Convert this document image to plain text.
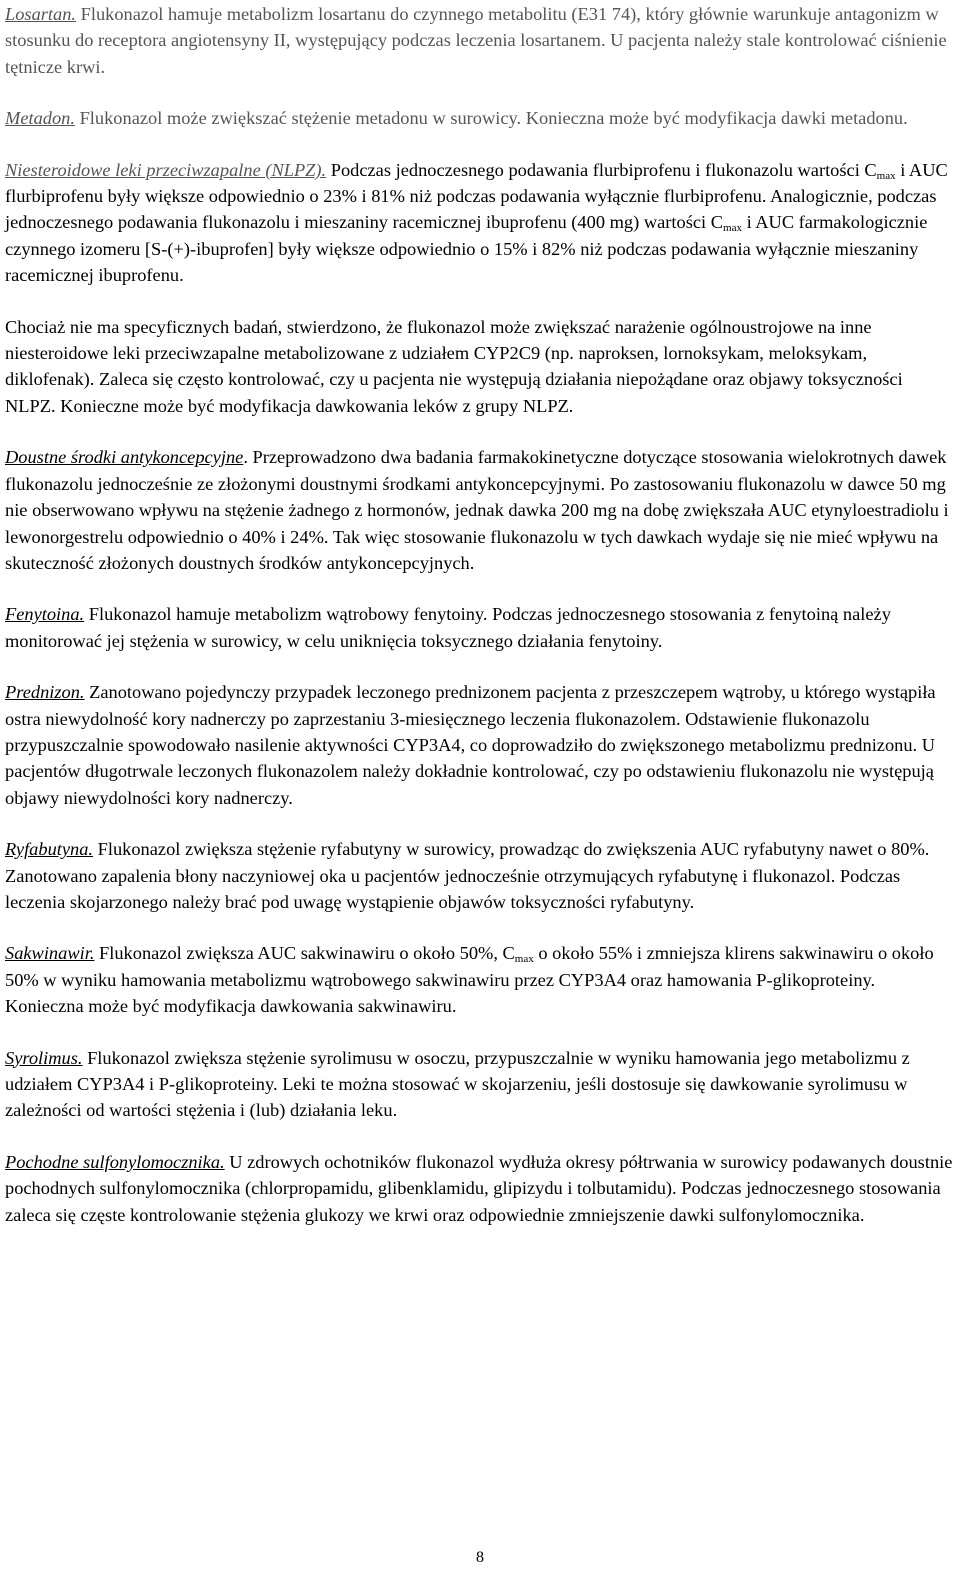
Losartan. Flukonazol hamuje metabolizm losartanu do czynnego metabolitu (E31 74), który głównie warunkuje antagonizm w stosunku do receptora angiotensyny II, występujący podczas leczenia losartanem. U pacjenta należy stale kontrolować ciśnienie tętnicze krwi.

Metadon. Flukonazol może zwiększać stężenie metadonu w surowicy. Konieczna może być modyfikacja dawki metadonu.

Niesteroidowe leki przeciwzapalne (NLPZ). Podczas jednoczesnego podawania flurbiprofenu i flukonazolu wartości $C_{max}$ i AUC flurbiprofenu były większe odpowiednio o 23% i 81% niż podczas podawania wyłącznie flurbiprofenu. Analogicznie, podczas jednoczesnego podawania flukonazolu i mieszaniny racemicznej ibuprofenu (400 mg) wartości $C_{max}$ i AUC farmakologicznie czynnego izomeru [S-(+)-ibuprofen] były większe odpowiednio o 15% i 82% niż podczas podawania wyłącznie mieszaniny racemicznej ibuprofenu.

Chociaż nie ma specyficznych badań, stwierdzono, że flukonazol może zwiększać narażenie ogólnoustrojowe na inne niesteroidowe leki przeciwzapalne metabolizowane z udziałem CYP2C9 (np. naproksen, lornoksykam, meloksykam, diklofenak). Zaleca się często kontrolować, czy u pacjenta nie występują działania niepożądane oraz objawy toksyczności NLPZ. Konieczne może być modyfikacja dawkowania leków z grupy NLPZ.

Doustne środki antykoncepcyjne. Przeprowadzono dwa badania farmakokinetyczne dotyczące stosowania wielokrotnych dawek flukonazolu jednocześnie ze złożonymi doustnymi środkami antykoncepcyjnymi. Po zastosowaniu flukonazolu w dawce 50 mg nie obserwowano wpływu na stężenie żadnego z hormonów, jednak dawka 200 mg na dobę zwiększała AUC etynyloestradiolu i lewonorgestrelu odpowiednio o 40% i 24%. Tak więc stosowanie flukonazolu w tych dawkach wydaje się nie mieć wpływu na skuteczność złożonych doustnych środków antykoncepcyjnych.

Fenytoina. Flukonazol hamuje metabolizm wątrobowy fenytoiny. Podczas jednoczesnego stosowania z fenytoiną należy monitorować jej stężenia w surowicy, w celu uniknięcia toksycznego działania fenytoiny.

Prednizon. Zanotowano pojedynczy przypadek leczonego prednizonem pacjenta z przeszczepem wątroby, u którego wystąpiła ostra niewydolność kory nadnerczy po zaprzestaniu 3-miesięcznego leczenia flukonazolem. Odstawienie flukonazolu przypuszczalnie spowodowało nasilenie aktywności CYP3A4, co doprowadziło do zwiększonego metabolizmu prednizonu. U pacjentów długotrwale leczonych flukonazolem należy dokładnie kontrolować, czy po odstawieniu flukonazolu nie występują objawy niewydolności kory nadnerczy.

Ryfabutyna. Flukonazol zwiększa stężenie ryfabutyny w surowicy, prowadząc do zwiększenia AUC ryfabutyny nawet o 80%. Zanotowano zapalenia błony naczyniowej oka u pacjentów jednocześnie otrzymujących ryfabutynę i flukonazol. Podczas leczenia skojarzonego należy brać pod uwagę wystąpienie objawów toksyczności ryfabutyny.

Sakwinawir. Flukonazol zwiększa AUC sakwinawiru o około 50%, $C_{max}$ o około 55% i zmniejsza klirens sakwinawiru o około 50% w wyniku hamowania metabolizmu wątrobowego sakwinawiru przez CYP3A4 oraz hamowania P-glikoproteiny. Konieczna może być modyfikacja dawkowania sakwinawiru.

Syrolimus. Flukonazol zwiększa stężenie syrolimusu w osoczu, przypuszczalnie w wyniku hamowania jego metabolizmu z udziałem CYP3A4 i P-glikoproteiny. Leki te można stosować w skojarzeniu, jeśli dostosuje się dawkowanie syrolimusu w zależności od wartości stężenia i (lub) działania leku.

Pochodne sulfonylomocznika. U zdrowych ochotników flukonazol wydłuża okresy półtrwania w surowicy podawanych doustnie pochodnych sulfonylomocznika (chlorpropamidu, glibenklamidu, glipizydu i tolbutamidu). Podczas jednoczesnego stosowania zaleca się częste kontrolowanie stężenia glukozy we krwi oraz odpowiednie zmniejszenie dawki sulfonylomocznika.

8
